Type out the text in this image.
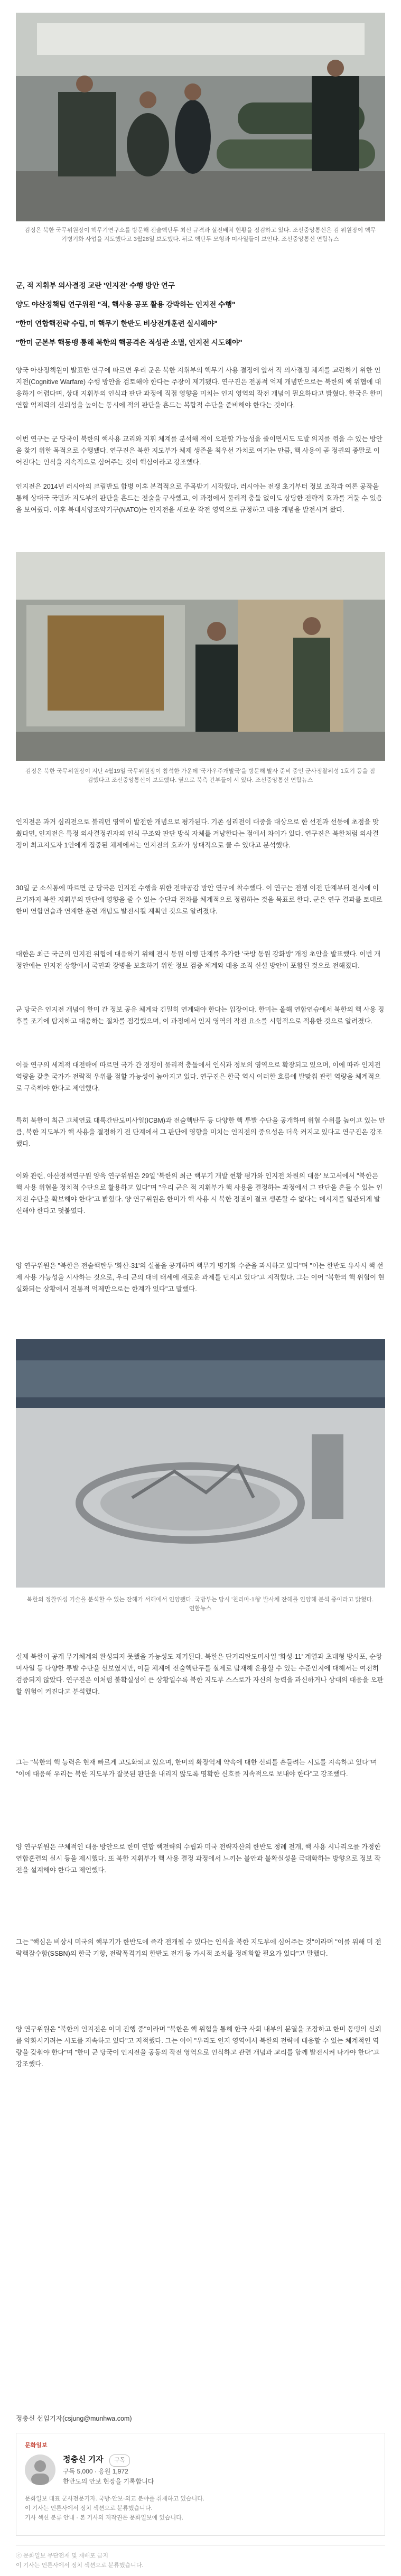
김정은 북한 국무위원장이 핵무기연구소를 방문해 전술핵탄두 최신 규격과 실전배치 현황을 점검하고 있다. 조선중앙통신은 김 위원장이 핵무기병기화 사업을 지도했다고 3월28일 보도했다. 뒤로 핵탄두 모형과 미사일들이 보인다. 조선중앙통신 연합뉴스

군, 적 지휘부 의사결정 교란 '인지전' 수행 방안 연구

양도 야산정책팀 연구위원 "적, 핵사용 공포 활용 강박하는 인지전 수행"

"한미 연합핵전략 수립, 미 핵무기 한반도 비상전개훈련 실시해야"

"한미 군본부 핵동맹 통해 북한의 핵공격은 적성관 소멸, 인지전 시도해야"

양국 아산정책원이 발표한 연구에 따르면 우리 군은 북한 지휘부의 핵무기 사용 결정에 앞서 적 의사결정 체계를 교란하기 위한 인지전(Cognitive Warfare) 수행 방안을 검토해야 한다는 주장이 제기됐다. 연구진은 전통적 억제 개념만으로는 북한의 핵 위협에 대응하기 어렵다며, 상대 지휘부의 인식과 판단 과정에 직접 영향을 미치는 인지 영역의 작전 개념이 필요하다고 밝혔다. 한국은 한미 연합 억제력의 신뢰성을 높이는 동시에 적의 판단을 흔드는 복합적 수단을 준비해야 한다는 것이다.

이번 연구는 군 당국이 북한의 핵사용 교리와 지휘 체계를 분석해 적이 오판할 가능성을 줄이면서도 도발 의지를 꺾을 수 있는 방안을 찾기 위한 목적으로 수행됐다. 연구진은 북한 지도부가 체제 생존을 최우선 가치로 여기는 만큼, 핵 사용이 곧 정권의 종말로 이어진다는 인식을 지속적으로 심어주는 것이 핵심이라고 강조했다.

인지전은 2014년 러시아의 크림반도 합병 이후 본격적으로 주목받기 시작했다. 러시아는 전쟁 초기부터 정보 조작과 여론 공작을 통해 상대국 국민과 지도부의 판단을 흔드는 전술을 구사했고, 이 과정에서 물리적 충돌 없이도 상당한 전략적 효과를 거둘 수 있음을 보여줬다. 이후 북대서양조약기구(NATO)는 인지전을 새로운 작전 영역으로 규정하고 대응 개념을 발전시켜 왔다.

김정은 북한 국무위원장이 지난 4월19일 국무위원장이 참석한 가운데 '국가우주개발국'을 방문해 발사 준비 중인 군사정찰위성 1호기 등을 점검했다고 조선중앙통신이 보도했다. 옆으로 북측 간부들이 서 있다. 조선중앙통신 연합뉴스

인지전은 과거 심리전으로 불리던 영역이 발전한 개념으로 평가된다. 기존 심리전이 대중을 대상으로 한 선전과 선동에 초점을 맞췄다면, 인지전은 특정 의사결정권자의 인식 구조와 판단 방식 자체를 겨냥한다는 점에서 차이가 있다. 연구진은 북한처럼 의사결정이 최고지도자 1인에게 집중된 체제에서는 인지전의 효과가 상대적으로 클 수 있다고 분석했다.

30일 군 소식통에 따르면 군 당국은 인지전 수행을 위한 전략공감 방안 연구에 착수했다. 이 연구는 전쟁 이전 단계부터 전시에 이르기까지 북한 지휘부의 판단에 영향을 줄 수 있는 수단과 절차를 체계적으로 정립하는 것을 목표로 한다. 군은 연구 결과를 토대로 한미 연합연습과 연계한 훈련 개념도 발전시킬 계획인 것으로 알려졌다.

대한은 최근 국군의 인지전 위협에 대응하기 위해 전시 동원 이행 단계를 추가한 '국방 동원 강화방' 개정 초안을 발표했다. 이번 개정안에는 인지전 상황에서 국민과 장병을 보호하기 위한 정보 검증 체계와 대응 조직 신설 방안이 포함된 것으로 전해졌다.

군 당국은 인지전 개념이 한미 간 정보 공유 체계와 긴밀히 연계돼야 한다는 입장이다. 한미는 올해 연합연습에서 북한의 핵 사용 징후를 조기에 탐지하고 대응하는 절차를 점검했으며, 이 과정에서 인지 영역의 작전 요소를 시험적으로 적용한 것으로 알려졌다.

이들 연구의 세계적 대전략에 따르면 국가 간 경쟁이 물리적 충돌에서 인식과 정보의 영역으로 확장되고 있으며, 이에 따라 인지전 역량을 갖춘 국가가 전략적 우위를 점할 가능성이 높아지고 있다. 연구진은 한국 역시 이러한 흐름에 발맞춰 관련 역량을 체계적으로 구축해야 한다고 제언했다.

특히 북한이 최근 고체연료 대륙간탄도미사일(ICBM)과 전술핵탄두 등 다양한 핵 투발 수단을 공개하며 위협 수위를 높이고 있는 만큼, 북한 지도부가 핵 사용을 결정하기 전 단계에서 그 판단에 영향을 미치는 인지전의 중요성은 더욱 커지고 있다고 연구진은 강조했다.

이와 관련, 아산정책연구원 양욱 연구위원은 29일 '북한의 최근 핵무기 개발 현황 평가와 인지전 차원의 대응' 보고서에서 "북한은 핵 사용 위협을 정치적 수단으로 활용하고 있다"며 "우리 군은 적 지휘부가 핵 사용을 결정하는 과정에서 그 판단을 흔들 수 있는 인지전 수단을 확보해야 한다"고 밝혔다. 양 연구위원은 한미가 핵 사용 시 북한 정권이 결코 생존할 수 없다는 메시지를 일관되게 발신해야 한다고 덧붙였다.

양 연구위원은 "북한은 전술핵탄두 '화산-31'의 실물을 공개하며 핵무기 병기화 수준을 과시하고 있다"며 "이는 한반도 유사시 핵 선제 사용 가능성을 시사하는 것으로, 우리 군의 대비 태세에 새로운 과제를 던지고 있다"고 지적했다. 그는 이어 "북한의 핵 위협이 현실화되는 상황에서 전통적 억제만으로는 한계가 있다"고 말했다.

북한의 정찰위성 기술을 분석할 수 있는 잔해가 서해에서 인양됐다. 국방부는 당시 '천리마-1형' 발사체 잔해를 인양해 분석 중이라고 밝혔다. 연합뉴스

실제 북한이 공개 무기체계의 완성되지 못했을 가능성도 제기된다. 북한은 단거리탄도미사일 '화성-11' 계열과 초대형 방사포, 순항미사일 등 다양한 투발 수단을 선보였지만, 이들 체계에 전술핵탄두를 실제로 탑재해 운용할 수 있는 수준인지에 대해서는 여전히 검증되지 않았다. 연구진은 이처럼 불확실성이 큰 상황일수록 북한 지도부 스스로가 자신의 능력을 과신하거나 상대의 대응을 오판할 위험이 커진다고 분석했다.

그는 "북한의 핵 능력은 현재 빠르게 고도화되고 있으며, 한미의 확장억제 약속에 대한 신뢰를 흔들려는 시도를 지속하고 있다"며 "이에 대응해 우리는 북한 지도부가 잘못된 판단을 내리지 않도록 명확한 신호를 지속적으로 보내야 한다"고 강조했다.

양 연구위원은 구체적인 대응 방안으로 한미 연합 핵전략의 수립과 미국 전략자산의 한반도 정례 전개, 핵 사용 시나리오를 가정한 연합훈련의 실시 등을 제시했다. 또 북한 지휘부가 핵 사용 결정 과정에서 느끼는 불안과 불확실성을 극대화하는 방향으로 정보 작전을 설계해야 한다고 제언했다.

그는 "핵심은 비상시 미국의 핵무기가 한반도에 즉각 전개될 수 있다는 인식을 북한 지도부에 심어주는 것"이라며 "이를 위해 미 전략핵잠수함(SSBN)의 한국 기항, 전략폭격기의 한반도 전개 등 가시적 조치를 정례화할 필요가 있다"고 말했다.

양 연구위원은 "북한의 인지전은 이미 진행 중"이라며 "북한은 핵 위협을 통해 한국 사회 내부의 분열을 조장하고 한미 동맹의 신뢰를 약화시키려는 시도를 지속하고 있다"고 지적했다. 그는 이어 "우리도 인지 영역에서 북한의 전략에 대응할 수 있는 체계적인 역량을 갖춰야 한다"며 "한미 군 당국이 인지전을 공동의 작전 영역으로 인식하고 관련 개념과 교리를 함께 발전시켜 나가야 한다"고 강조했다.

정충신 선임기자(csjung@munhwa.com)
문화일보
정충신 기자 구독
구독 5,000 · 응원 1,972
한반도의 안보 현장을 기록합니다
문화일보 대표 군사전문기자. 국방·안보·외교 분야를 취재하고 있습니다.
이 기사는 언론사에서 정치 섹션으로 분류했습니다.
기사 섹션 분류 안내 · 본 기사의 저작권은 문화일보에 있습니다.
ⓒ 문화일보 무단전재 및 재배포 금지
이 기사는 언론사에서 정치 섹션으로 분류했습니다.
